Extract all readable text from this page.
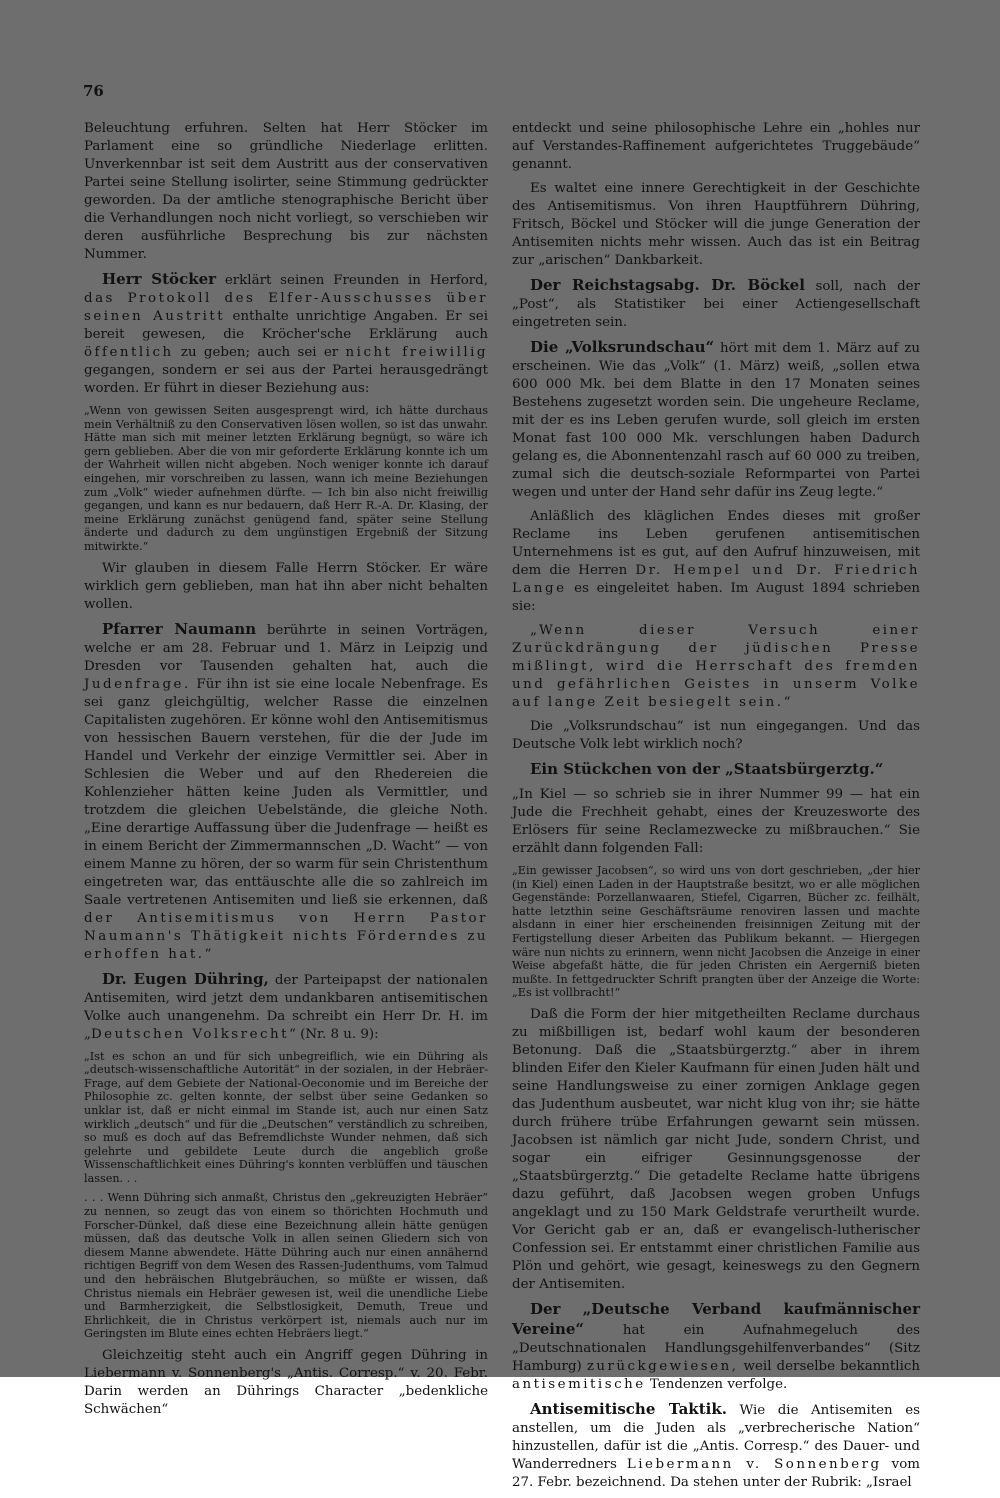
76

Beleuchtung erfuhren. Selten hat Herr Stöcker im Parlament eine so gründliche Niederlage erlitten. Unverkennbar ist seit dem Austritt aus der conservativen Partei seine Stellung isolirter, seine Stimmung gedrückter geworden. Da der amtliche stenographische Bericht über die Verhandlungen noch nicht vorliegt, so verschieben wir deren ausführliche Besprechung bis zur nächsten Nummer.

Herr Stöcker erklärt seinen Freunden in Herford, das Protokoll des Elfer-Ausschusses über seinen Austritt enthalte unrichtige Angaben. Er sei bereit gewesen, die Kröcher'sche Erklärung auch öffentlich zu geben; auch sei er nicht freiwillig gegangen, sondern er sei aus der Partei herausgedrängt worden. Er führt in dieser Beziehung aus:

„Wenn von gewissen Seiten ausgesprengt wird, ich hätte durchaus mein Verhältniß zu den Conservativen lösen wollen, so ist das unwahr. Hätte man sich mit meiner letzten Erklärung begnügt, so wäre ich gern geblieben. Aber die von mir geforderte Erklärung konnte ich um der Wahrheit willen nicht abgeben. Noch weniger konnte ich darauf eingehen, mir vorschreiben zu lassen, wann ich meine Beziehungen zum „Volk“ wieder aufnehmen dürfte. — Ich bin also nicht freiwillig gegangen, und kann es nur bedauern, daß Herr R.-A. Dr. Klasing, der meine Erklärung zunächst genügend fand, später seine Stellung änderte und dadurch zu dem ungünstigen Ergebniß der Sitzung mitwirkte.“

Wir glauben in diesem Falle Herrn Stöcker. Er wäre wirklich gern geblieben, man hat ihn aber nicht behalten wollen.

Pfarrer Naumann berührte in seinen Vorträgen, welche er am 28. Februar und 1. März in Leipzig und Dresden vor Tausenden gehalten hat, auch die Judenfrage. Für ihn ist sie eine locale Nebenfrage. Es sei ganz gleichgültig, welcher Rasse die einzelnen Capitalisten zugehören. Er könne wohl den Antisemitismus von hessischen Bauern verstehen, für die der Jude im Handel und Verkehr der einzige Vermittler sei. Aber in Schlesien die Weber und auf den Rhedereien die Kohlenzieher hätten keine Juden als Vermittler, und trotzdem die gleichen Uebelstände, die gleiche Noth. „Eine derartige Auffassung über die Judenfrage — heißt es in einem Bericht der Zimmermannschen „D. Wacht“ — von einem Manne zu hören, der so warm für sein Christenthum eingetreten war, das enttäuschte alle die so zahlreich im Saale vertretenen Antisemiten und ließ sie erkennen, daß der Antisemitismus von Herrn Pastor Naumann's Thätigkeit nichts Förderndes zu erhoffen hat.“

Dr. Eugen Dühring, der Parteipapst der nationalen Antisemiten, wird jetzt dem undankbaren antisemitischen Volke auch unangenehm. Da schreibt ein Herr Dr. H. im „Deutschen Volksrecht“ (Nr. 8 u. 9):

„Ist es schon an und für sich unbegreiflich, wie ein Dühring als „deutsch-wissenschaftliche Autorität“ in der sozialen, in der Hebräer-Frage, auf dem Gebiete der National-Oeconomie und im Bereiche der Philosophie zc. gelten konnte, der selbst über seine Gedanken so unklar ist, daß er nicht einmal im Stande ist, auch nur einen Satz wirklich „deutsch“ und für die „Deutschen“ verständlich zu schreiben, so muß es doch auf das Befremdlichste Wunder nehmen, daß sich gelehrte und gebildete Leute durch die angeblich große Wissenschaftlichkeit eines Dühring's konnten verblüffen und täuschen lassen. . .

. . . Wenn Dühring sich anmaßt, Christus den „gekreuzigten Hebräer“ zu nennen, so zeugt das von einem so thörichten Hochmuth und Forscher-Dünkel, daß diese eine Bezeichnung allein hätte genügen müssen, daß das deutsche Volk in allen seinen Gliedern sich von diesem Manne abwendete. Hätte Dühring auch nur einen annähernd richtigen Begriff von dem Wesen des Rassen-Judenthums, vom Talmud und den hebräischen Blutgebräuchen, so müßte er wissen, daß Christus niemals ein Hebräer gewesen ist, weil die unendliche Liebe und Barmherzigkeit, die Selbstlosigkeit, Demuth, Treue und Ehrlichkeit, die in Christus verkörpert ist, niemals auch nur im Geringsten im Blute eines echten Hebräers liegt.“

Gleichzeitig steht auch ein Angriff gegen Dühring in Liebermann v. Sonnenberg's „Antis. Corresp.“ v. 20. Febr. Darin werden an Dührings Character „bedenkliche Schwächen“

entdeckt und seine philosophische Lehre ein „hohles nur auf Verstandes-Raffinement aufgerichtetes Truggebäude“ genannt.

Es waltet eine innere Gerechtigkeit in der Geschichte des Antisemitismus. Von ihren Hauptführern Dühring, Fritsch, Böckel und Stöcker will die junge Generation der Antisemiten nichts mehr wissen. Auch das ist ein Beitrag zur „arischen“ Dankbarkeit.

Der Reichstagsabg. Dr. Böckel soll, nach der „Post“, als Statistiker bei einer Actiengesellschaft eingetreten sein.

Die „Volksrundschau“ hört mit dem 1. März auf zu erscheinen. Wie das „Volk“ (1. März) weiß, „sollen etwa 600 000 Mk. bei dem Blatte in den 17 Monaten seines Bestehens zugesetzt worden sein. Die ungeheure Reclame, mit der es ins Leben gerufen wurde, soll gleich im ersten Monat fast 100 000 Mk. verschlungen haben Dadurch gelang es, die Abonnentenzahl rasch auf 60 000 zu treiben, zumal sich die deutsch-soziale Reformpartei von Partei wegen und unter der Hand sehr dafür ins Zeug legte.“

Anläßlich des kläglichen Endes dieses mit großer Reclame ins Leben gerufenen antisemitischen Unternehmens ist es gut, auf den Aufruf hinzuweisen, mit dem die Herren Dr. Hempel und Dr. Friedrich Lange es eingeleitet haben. Im August 1894 schrieben sie:

„Wenn dieser Versuch einer Zurückdrängung der jüdischen Presse mißlingt, wird die Herrschaft des fremden und gefährlichen Geistes in unserm Volke auf lange Zeit besiegelt sein.“

Die „Volksrundschau“ ist nun eingegangen. Und das Deutsche Volk lebt wirklich noch?

Ein Stückchen von der „Staatsbürgerztg.“

„In Kiel — so schrieb sie in ihrer Nummer 99 — hat ein Jude die Frechheit gehabt, eines der Kreuzesworte des Erlösers für seine Reclamezwecke zu mißbrauchen.“ Sie erzählt dann folgenden Fall:

„Ein gewisser Jacobsen“, so wird uns von dort geschrieben, „der hier (in Kiel) einen Laden in der Hauptstraße besitzt, wo er alle möglichen Gegenstände: Porzellanwaaren, Stiefel, Cigarren, Bücher zc. feilhält, hatte letzthin seine Geschäftsräume renoviren lassen und machte alsdann in einer hier erscheinenden freisinnigen Zeitung mit der Fertigstellung dieser Arbeiten das Publikum bekannt. — Hiergegen wäre nun nichts zu erinnern, wenn nicht Jacobsen die Anzeige in einer Weise abgefaßt hätte, die für jeden Christen ein Aergerniß bieten mußte. In fettgedruckter Schrift prangten über der Anzeige die Worte: „Es ist vollbracht!“

Daß die Form der hier mitgetheilten Reclame durchaus zu mißbilligen ist, bedarf wohl kaum der besonderen Betonung. Daß die „Staatsbürgerztg.“ aber in ihrem blinden Eifer den Kieler Kaufmann für einen Juden hält und seine Handlungsweise zu einer zornigen Anklage gegen das Judenthum ausbeutet, war nicht klug von ihr; sie hätte durch frühere trübe Erfahrungen gewarnt sein müssen. Jacobsen ist nämlich gar nicht Jude, sondern Christ, und sogar ein eifriger Gesinnungsgenosse der „Staatsbürgerztg.“ Die getadelte Reclame hatte übrigens dazu geführt, daß Jacobsen wegen groben Unfugs angeklagt und zu 150 Mark Geldstrafe verurtheilt wurde. Vor Gericht gab er an, daß er evangelisch-lutherischer Confession sei. Er entstammt einer christlichen Familie aus Plön und gehört, wie gesagt, keineswegs zu den Gegnern der Antisemiten.

Der „Deutsche Verband kaufmännischer Vereine“ hat ein Aufnahmegeluch des „Deutschnationalen Handlungsgehilfenverbandes“ (Sitz Hamburg) zurückgewiesen, weil derselbe bekanntlich antisemitische Tendenzen verfolge.

Antisemitische Taktik. Wie die Antisemiten es anstellen, um die Juden als „verbrecherische Nation“ hinzustellen, dafür ist die „Antis. Corresp.“ des Dauer- und Wanderredners Liebermann v. Sonnenberg vom 27. Febr. bezeichnend. Da stehen unter der Rubrik: „Israel
